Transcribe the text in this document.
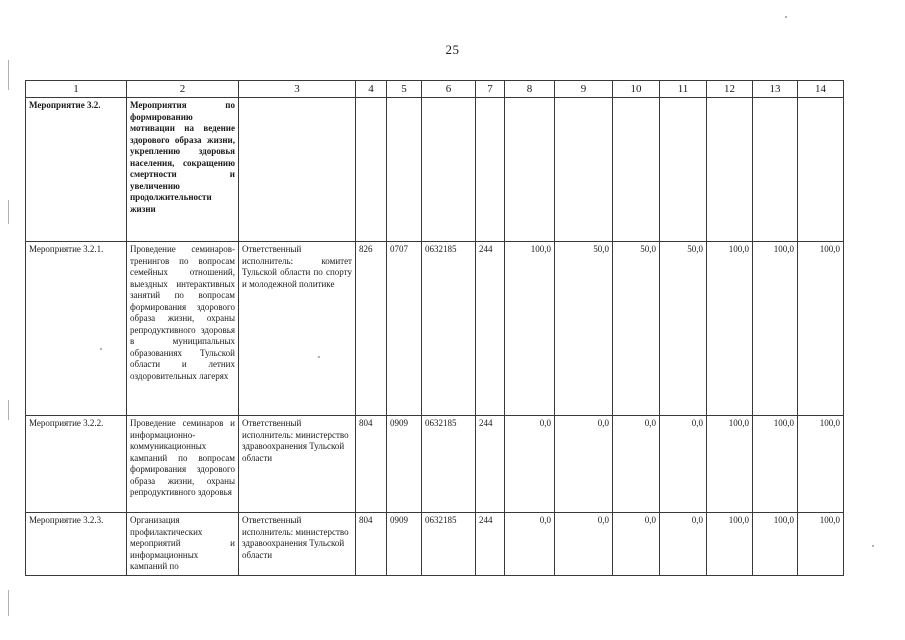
25
1	2	3	4	5	6	7	8	9	10	11	12	13	14
Мероприятие 3.2.	Мероприятия по формированию мотивации на ведение здорового образа жизни, укреплению здоровья населения, сокращению смертности и увеличению продолжительности жизни												
Мероприятие 3.2.1.	Проведение семинаров-тренингов по вопросам семейных отношений, выездных интерактивных занятий по вопросам формирования здорового образа жизни, охраны репродуктивного здоровья в муниципальных образованиях Тульской области и летних оздоровительных лагерях	Ответственный исполнитель: комитет Тульской области по спорту и молодежной политике	826	0707	0632185	244	100,0	50,0	50,0	50,0	100,0	100,0	100,0
Мероприятие 3.2.2.	Проведение семинаров и информационно-коммуникационных кампаний по вопросам формирования здорового образа жизни, охраны репродуктивного здоровья	Ответственный исполнитель: министерство здравоохранения Тульской области	804	0909	0632185	244	0,0	0,0	0,0	0,0	100,0	100,0	100,0
Мероприятие 3.2.3.	Организация профилактических мероприятий и информационных кампаний по	Ответственный исполнитель: министерство здравоохранения Тульской области	804	0909	0632185	244	0,0	0,0	0,0	0,0	100,0	100,0	100,0
